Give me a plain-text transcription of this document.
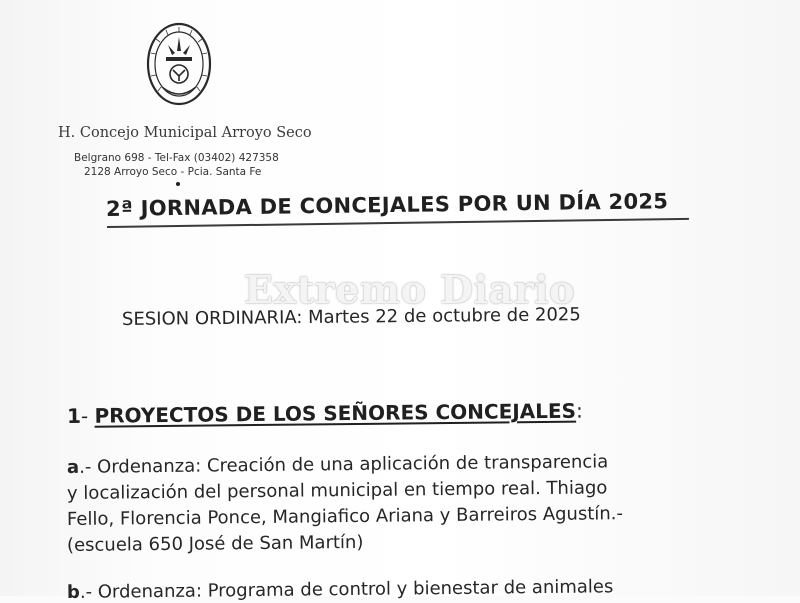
H. Concejo Municipal Arroyo Seco
Belgrano 698 - Tel-Fax (03402) 427358
2128 Arroyo Seco - Pcia. Santa Fe
2ª JORNADA DE CONCEJALES POR UN DÍA 2025
Extremo Diario
SESION ORDINARIA: Martes 22 de octubre de 2025
1- PROYECTOS DE LOS SEÑORES CONCEJALES:
a.- Ordenanza: Creación de una aplicación de transparencia
y localización del personal municipal en tiempo real. Thiago
Fello, Florencia Ponce, Mangiafico Ariana y Barreiros Agustín.-
(escuela 650 José de San Martín)
b.- Ordenanza: Programa de control y bienestar de animales
